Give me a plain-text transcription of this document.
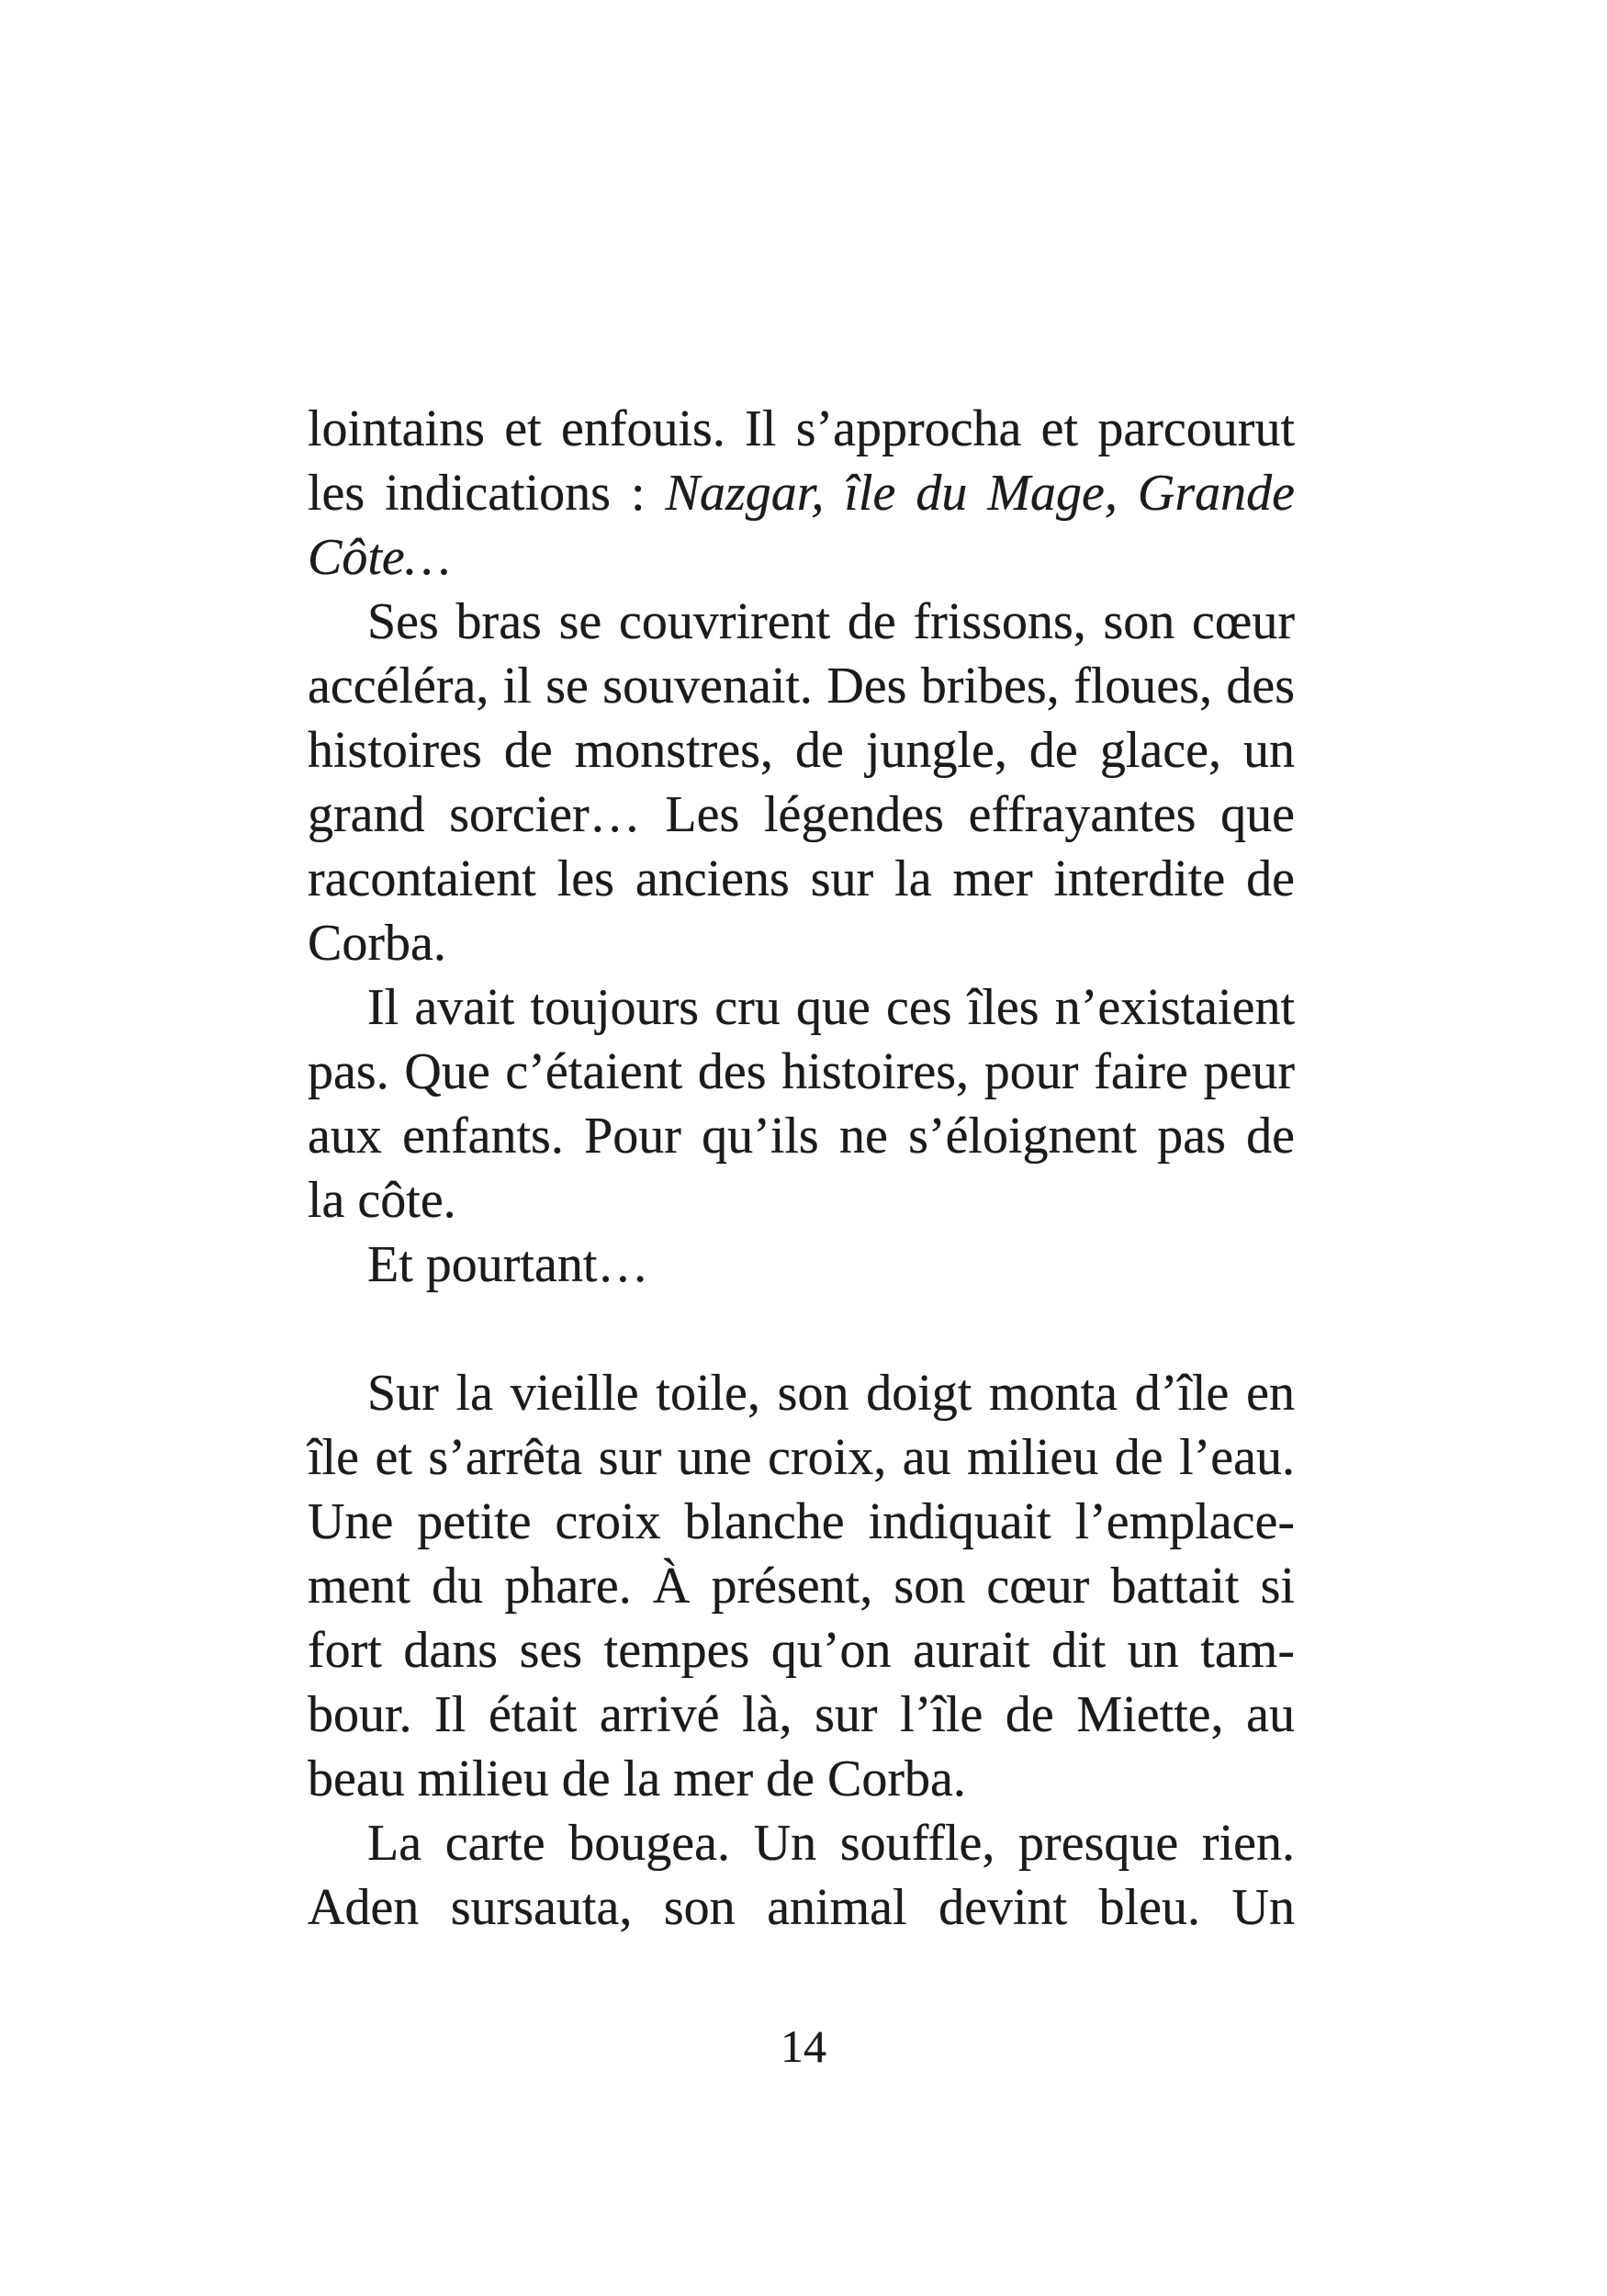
lointains et enfouis. Il s’approcha et parcourut
les indications : Nazgar, île du Mage, Grande
Côte…
Ses bras se couvrirent de frissons, son cœur
accéléra, il se souvenait. Des bribes, floues, des
histoires de monstres, de jungle, de glace, un
grand sorcier… Les légendes effrayantes que
racontaient les anciens sur la mer interdite de
Corba.
Il avait toujours cru que ces îles n’existaient
pas. Que c’étaient des histoires, pour faire peur
aux enfants. Pour qu’ils ne s’éloignent pas de
la côte.
Et pourtant…
Sur la vieille toile, son doigt monta d’île en
île et s’arrêta sur une croix, au milieu de l’eau.
Une petite croix blanche indiquait l’emplace-
ment du phare. À présent, son cœur battait si
fort dans ses tempes qu’on aurait dit un tam-
bour. Il était arrivé là, sur l’île de Miette, au
beau milieu de la mer de Corba.
La carte bougea. Un souffle, presque rien.
Aden sursauta, son animal devint bleu. Un
14
